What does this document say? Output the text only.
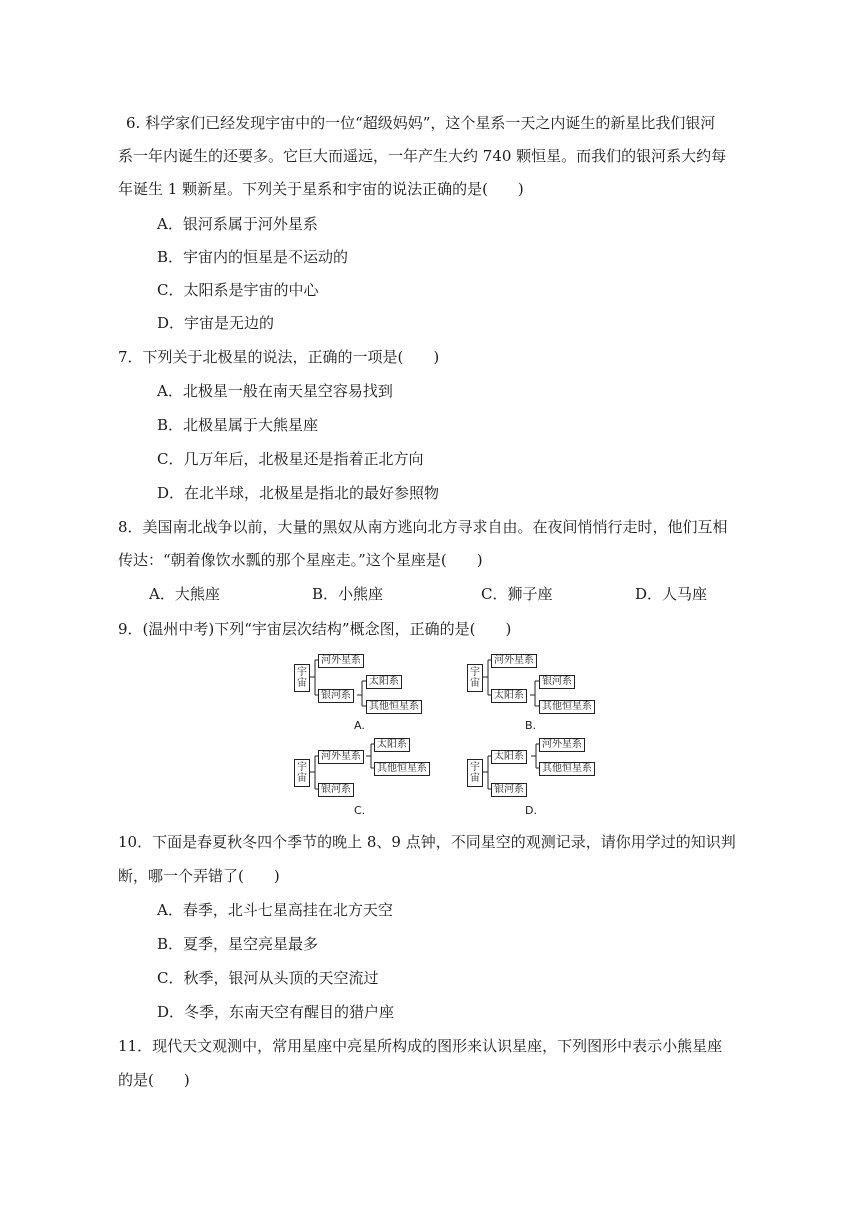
6. 科学家们已经发现宇宙中的一位“超级妈妈”，这个星系一天之内诞生的新星比我们银河
系一年内诞生的还要多。它巨大而遥远，一年产生大约 740 颗恒星。而我们的银河系大约每
年诞生 1 颗新星。下列关于星系和宇宙的说法正确的是(　　)
A．银河系属于河外星系
B．宇宙内的恒星是不运动的
C．太阳系是宇宙的中心
D．宇宙是无边的
7．下列关于北极星的说法，正确的一项是(　　)
A．北极星一般在南天星空容易找到
B．北极星属于大熊星座
C．几万年后，北极星还是指着正北方向
D．在北半球，北极星是指北的最好参照物
8．美国南北战争以前，大量的黑奴从南方逃向北方寻求自由。在夜间悄悄行走时，他们互相
传达：“朝着像饮水瓢的那个星座走。”这个星座是(　　)
A．大熊座	B．小熊座	C．狮子座	D．人马座
9．(温州中考)下列“宇宙层次结构”概念图，正确的是(　　)
宇宙
河外星系
银河系
太阳系
其他恒星系
A.
宇宙
河外星系
太阳系
银河系
其他恒星系
B.
宇宙
河外星系
银河系
太阳系
其他恒星系
C.
宇宙
太阳系
银河系
河外星系
其他恒星系
D.
10．下面是春夏秋冬四个季节的晚上 8、9 点钟，不同星空的观测记录，请你用学过的知识判
断，哪一个弄错了(　　)
A．春季，北斗七星高挂在北方天空
B．夏季，星空亮星最多
C．秋季，银河从头顶的天空流过
D．冬季，东南天空有醒目的猎户座
11．现代天文观测中，常用星座中亮星所构成的图形来认识星座，下列图形中表示小熊星座
的是(　　)
